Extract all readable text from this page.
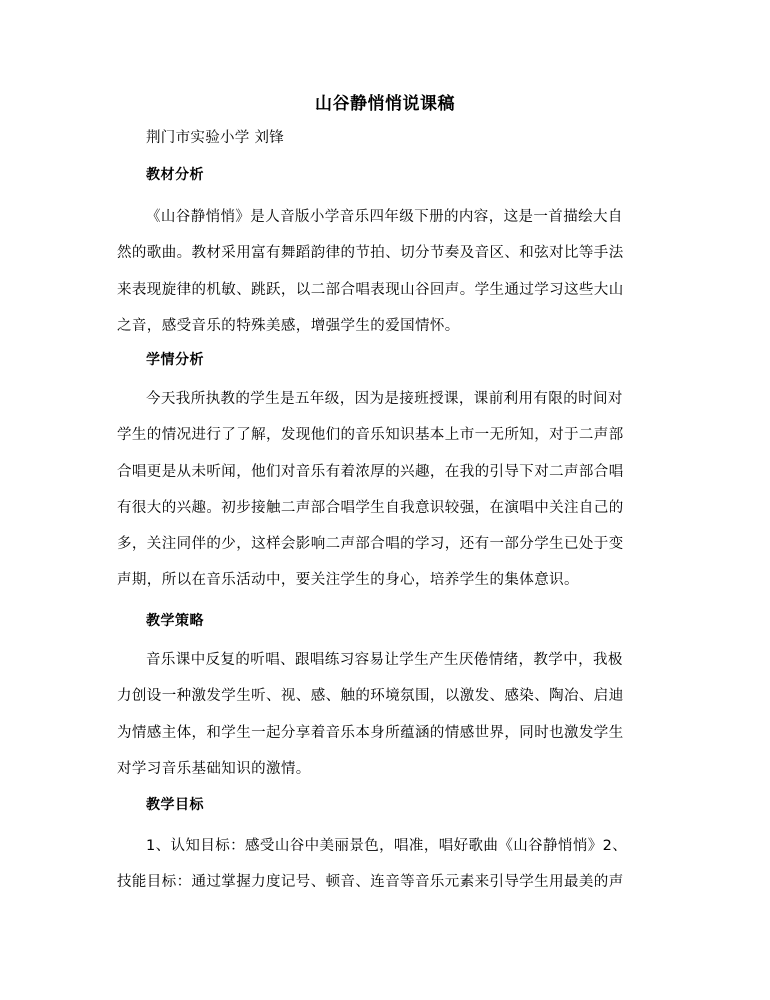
山谷静悄悄说课稿
荆门市实验小学 刘锋
教材分析

《山谷静悄悄》是人音版小学音乐四年级下册的内容，这是一首描绘大自
然的歌曲。教材采用富有舞蹈韵律的节拍、切分节奏及音区、和弦对比等手法
来表现旋律的机敏、跳跃，以二部合唱表现山谷回声。学生通过学习这些大山
之音，感受音乐的特殊美感，增强学生的爱国情怀。

学情分析

今天我所执教的学生是五年级，因为是接班授课，课前利用有限的时间对
学生的情况进行了了解，发现他们的音乐知识基本上市一无所知，对于二声部
合唱更是从未听闻，他们对音乐有着浓厚的兴趣，在我的引导下对二声部合唱
有很大的兴趣。初步接触二声部合唱学生自我意识较强，在演唱中关注自己的
多，关注同伴的少，这样会影响二声部合唱的学习，还有一部分学生已处于变
声期，所以在音乐活动中，要关注学生的身心，培养学生的集体意识。

教学策略

音乐课中反复的听唱、跟唱练习容易让学生产生厌倦情绪，教学中，我极
力创设一种激发学生听、视、感、触的环境氛围，以激发、感染、陶冶、启迪
为情感主体，和学生一起分享着音乐本身所蕴涵的情感世界，同时也激发学生
对学习音乐基础知识的激情。

教学目标

1、认知目标：感受山谷中美丽景色，唱准，唱好歌曲《山谷静悄悄》2、
技能目标：通过掌握力度记号、顿音、连音等音乐元素来引导学生用最美的声
